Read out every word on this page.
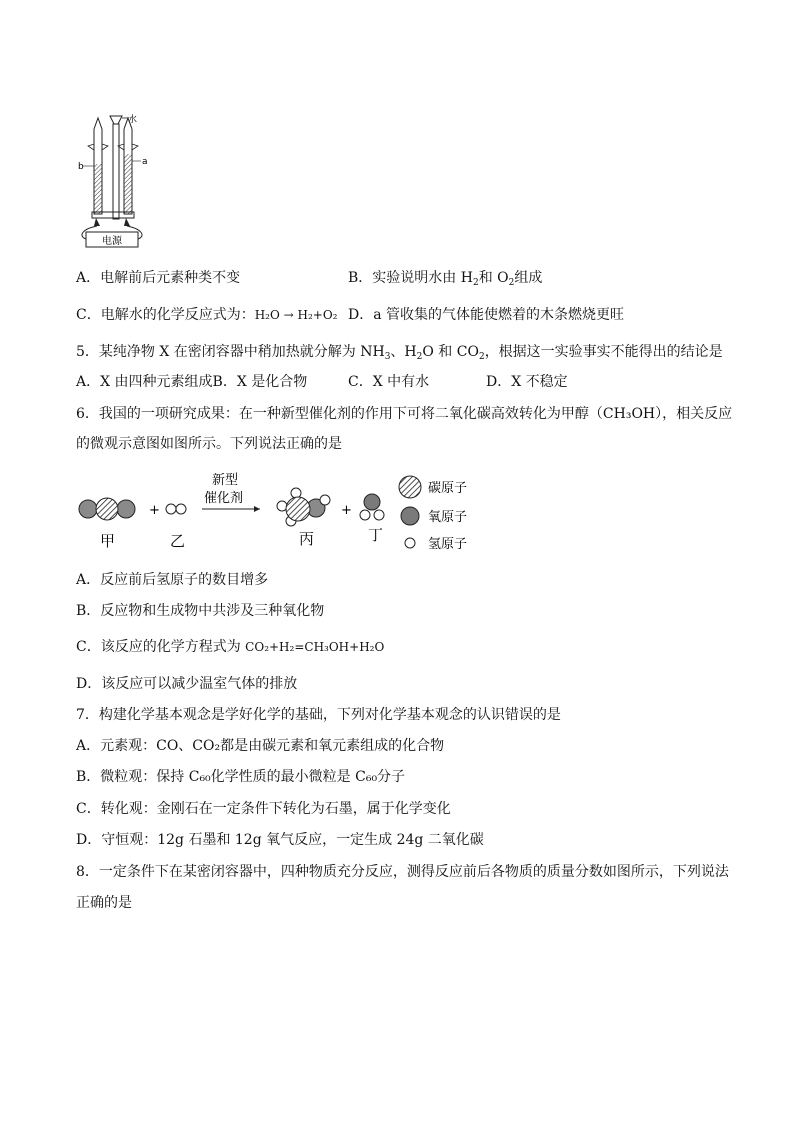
水
b	a
电源
A．电解前后元素种类不变	B．实验说明水由 $H_2$和 $O_2$组成
C．电解水的化学反应式为：H₂O → H₂+O₂ D．a 管收集的气体能使燃着的木条燃烧更旺
5．某纯净物 X 在密闭容器中稍加热就分解为 $NH_3$、$H_2O$ 和 $CO_2$，根据这一实验事实不能得出的结论是
A．X 由四种元素组成B．X 是化合物	C．X 中有水	D．X 不稳定
6．我国的一项研究成果：在一种新型催化剂的作用下可将二氧化碳高效转化为甲醇（CH₃OH），相关反应
的微观示意图如图所示。下列说法正确的是
甲
+
乙
新型
催化剂
丙
+
丁
碳原子
氧原子
氢原子
A．反应前后氢原子的数目增多
B．反应物和生成物中共涉及三种氧化物
C．该反应的化学方程式为 CO₂+H₂=CH₃OH+H₂O
D．该反应可以减少温室气体的排放
7．构建化学基本观念是学好化学的基础，下列对化学基本观念的认识错误的是
A．元素观：CO、CO₂都是由碳元素和氧元素组成的化合物
B．微粒观：保持 C₆₀化学性质的最小微粒是 C₆₀分子
C．转化观：金刚石在一定条件下转化为石墨，属于化学变化
D．守恒观：12g 石墨和 12g 氧气反应，一定生成 24g 二氧化碳
8．一定条件下在某密闭容器中，四种物质充分反应，测得反应前后各物质的质量分数如图所示，下列说法
正确的是
